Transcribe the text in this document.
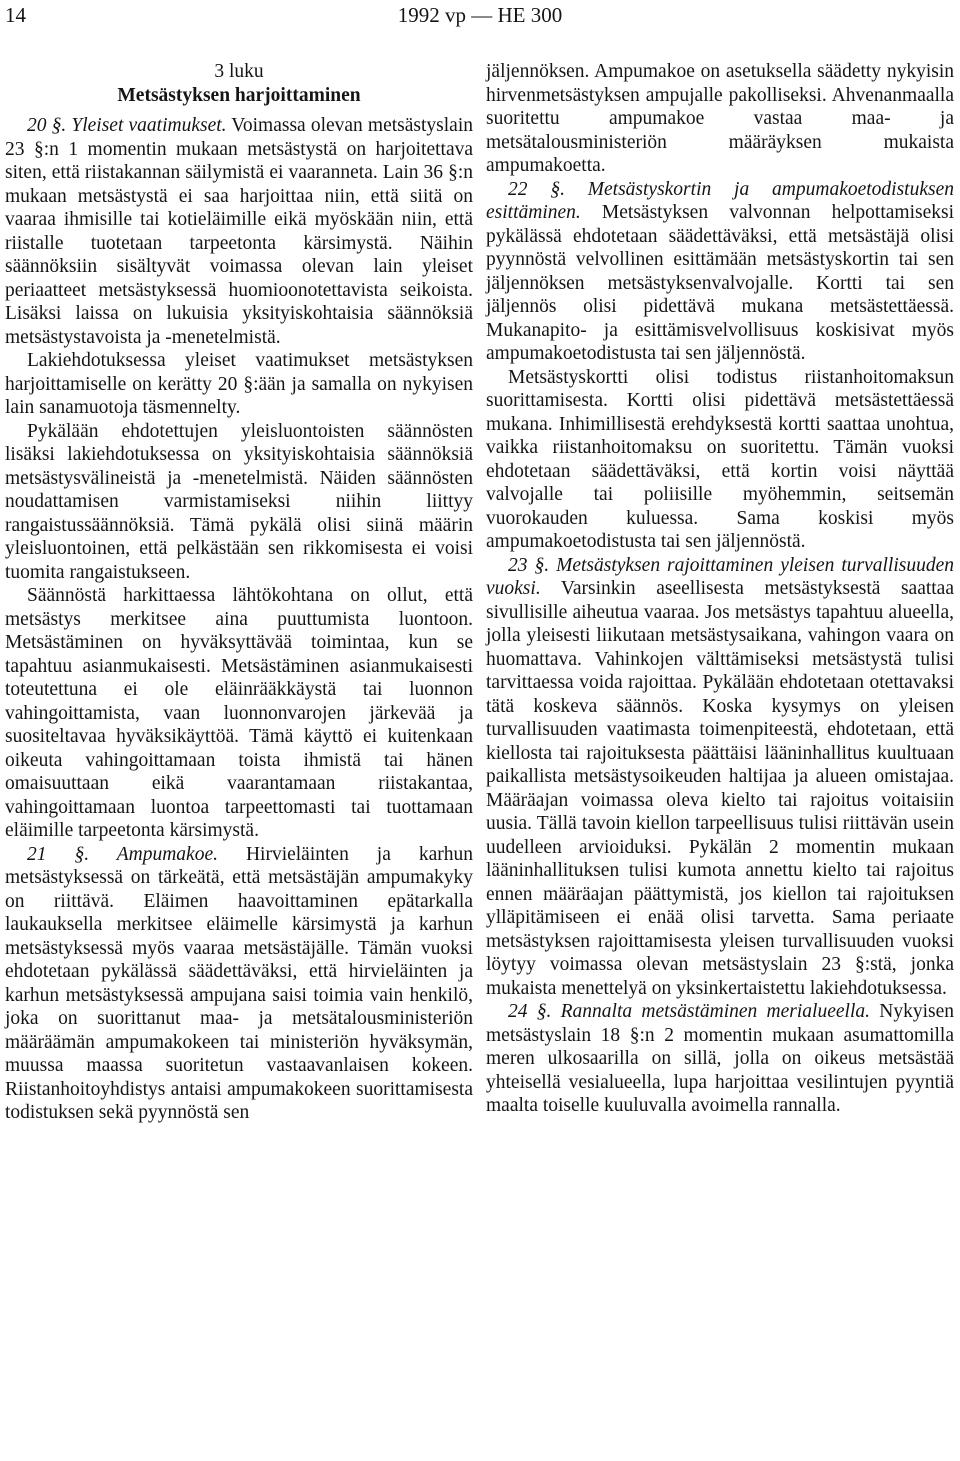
14	1992 vp — HE 300
3 luku
Metsästyksen harjoittaminen

20 §. Yleiset vaatimukset. Voimassa olevan metsästyslain 23 §:n 1 momentin mukaan metsästystä on harjoitettava siten, että riistakannan säilymistä ei vaaranneta. Lain 36 §:n mukaan metsästystä ei saa harjoittaa niin, että siitä on vaaraa ihmisille tai kotieläimille eikä myöskään niin, että riistalle tuotetaan tarpeetonta kärsimystä. Näihin säännöksiin sisältyvät voimassa olevan lain yleiset periaatteet metsästyksessä huomioonotettavista seikoista. Lisäksi laissa on lukuisia yksityiskohtaisia säännöksiä metsästystavoista ja -menetelmistä.

Lakiehdotuksessa yleiset vaatimukset metsästyksen harjoittamiselle on kerätty 20 §:ään ja samalla on nykyisen lain sanamuotoja täsmennelty.

Pykälään ehdotettujen yleisluontoisten säännösten lisäksi lakiehdotuksessa on yksityiskohtaisia säännöksiä metsästysvälineistä ja -menetelmistä. Näiden säännösten noudattamisen varmistamiseksi niihin liittyy rangaistussäännöksiä. Tämä pykälä olisi siinä määrin yleisluontoinen, että pelkästään sen rikkomisesta ei voisi tuomita rangaistukseen.

Säännöstä harkittaessa lähtökohtana on ollut, että metsästys merkitsee aina puuttumista luontoon. Metsästäminen on hyväksyttävää toimintaa, kun se tapahtuu asianmukaisesti. Metsästäminen asianmukaisesti toteutettuna ei ole eläinrääkkäystä tai luonnon vahingoittamista, vaan luonnonvarojen järkevää ja suositeltavaa hyväksikäyttöä. Tämä käyttö ei kuitenkaan oikeuta vahingoittamaan toista ihmistä tai hänen omaisuuttaan eikä vaarantamaan riistakantaa, vahingoittamaan luontoa tarpeettomasti tai tuottamaan eläimille tarpeetonta kärsimystä.

21 §. Ampumakoe. Hirvieläinten ja karhun metsästyksessä on tärkeätä, että metsästäjän ampumakyky on riittävä. Eläimen haavoittaminen epätarkalla laukauksella merkitsee eläimelle kärsimystä ja karhun metsästyksessä myös vaaraa metsästäjälle. Tämän vuoksi ehdotetaan pykälässä säädettäväksi, että hirvieläinten ja karhun metsästyksessä ampujana saisi toimia vain henkilö, joka on suorittanut maa- ja metsätalousministeriön määräämän ampumakokeen tai ministeriön hyväksymän, muussa maassa suoritetun vastaavanlaisen kokeen. Riistanhoitoyhdistys antaisi ampumakokeen suorittamisesta todistuksen sekä pyynnöstä sen

jäljennöksen. Ampumakoe on asetuksella säädetty nykyisin hirvenmetsästyksen ampujalle pakolliseksi. Ahvenanmaalla suoritettu ampumakoe vastaa maa- ja metsätalousministeriön määräyksen mukaista ampumakoetta.

22 §. Metsästyskortin ja ampumakoetodistuksen esittäminen. Metsästyksen valvonnan helpottamiseksi pykälässä ehdotetaan säädettäväksi, että metsästäjä olisi pyynnöstä velvollinen esittämään metsästyskortin tai sen jäljennöksen metsästyksenvalvojalle. Kortti tai sen jäljennös olisi pidettävä mukana metsästettäessä. Mukanapito- ja esittämisvelvollisuus koskisivat myös ampumakoetodistusta tai sen jäljennöstä.

Metsästyskortti olisi todistus riistanhoitomaksun suorittamisesta. Kortti olisi pidettävä metsästettäessä mukana. Inhimillisestä erehdyksestä kortti saattaa unohtua, vaikka riistanhoitomaksu on suoritettu. Tämän vuoksi ehdotetaan säädettäväksi, että kortin voisi näyttää valvojalle tai poliisille myöhemmin, seitsemän vuorokauden kuluessa. Sama koskisi myös ampumakoetodistusta tai sen jäljennöstä.

23 §. Metsästyksen rajoittaminen yleisen turvallisuuden vuoksi. Varsinkin aseellisesta metsästyksestä saattaa sivullisille aiheutua vaaraa. Jos metsästys tapahtuu alueella, jolla yleisesti liikutaan metsästysaikana, vahingon vaara on huomattava. Vahinkojen välttämiseksi metsästystä tulisi tarvittaessa voida rajoittaa. Pykälään ehdotetaan otettavaksi tätä koskeva säännös. Koska kysymys on yleisen turvallisuuden vaatimasta toimenpiteestä, ehdotetaan, että kiellosta tai rajoituksesta päättäisi lääninhallitus kuultuaan paikallista metsästysoikeuden haltijaa ja alueen omistajaa. Määräajan voimassa oleva kielto tai rajoitus voitaisiin uusia. Tällä tavoin kiellon tarpeellisuus tulisi riittävän usein uudelleen arvioiduksi. Pykälän 2 momentin mukaan lääninhallituksen tulisi kumota annettu kielto tai rajoitus ennen määräajan päättymistä, jos kiellon tai rajoituksen ylläpitämiseen ei enää olisi tarvetta. Sama periaate metsästyksen rajoittamisesta yleisen turvallisuuden vuoksi löytyy voimassa olevan metsästyslain 23 §:stä, jonka mukaista menettelyä on yksinkertaistettu lakiehdotuksessa.

24 §. Rannalta metsästäminen merialueella. Nykyisen metsästyslain 18 §:n 2 momentin mukaan asumattomilla meren ulkosaarilla on sillä, jolla on oikeus metsästää yhteisellä vesialueella, lupa harjoittaa vesilintujen pyyntiä maalta toiselle kuuluvalla avoimella rannalla.
